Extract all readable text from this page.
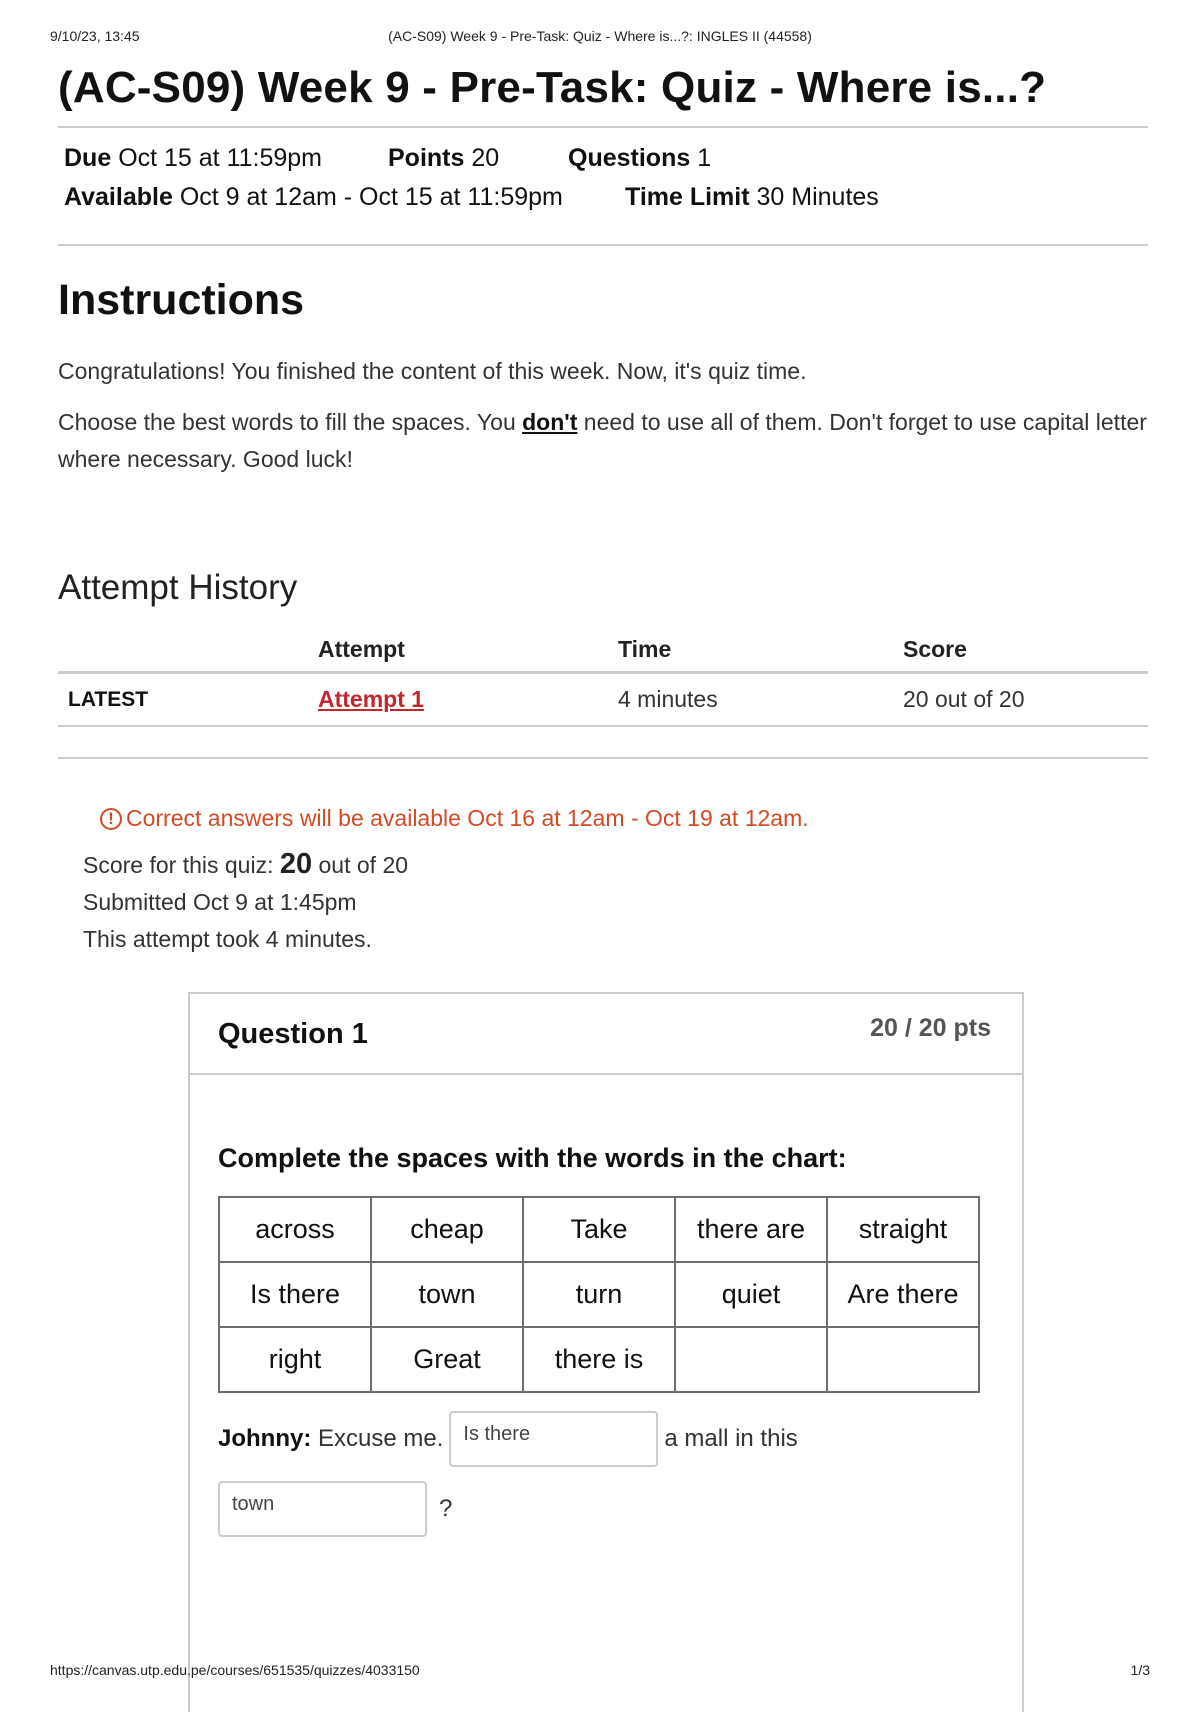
9/10/23, 13:45	(AC-S09) Week 9 - Pre-Task: Quiz - Where is...?: INGLES II (44558)
(AC-S09) Week 9 - Pre-Task: Quiz - Where is...?
Due Oct 15 at 11:59pm	Points 20	Questions 1
Available Oct 9 at 12am - Oct 15 at 11:59pm Time Limit 30 Minutes
Instructions

Congratulations! You finished the content of this week. Now, it's quiz time.

Choose the best words to fill the spaces. You don't need to use all of them. Don't forget to use capital letter where necessary. Good luck!

Attempt History
	Attempt	Time	Score
LATEST	Attempt 1	4 minutes	20 out of 20
! Correct answers will be available Oct 16 at 12am - Oct 19 at 12am.
Score for this quiz: 20 out of 20
Submitted Oct 9 at 1:45pm
This attempt took 4 minutes.
Question 1	20 / 20 pts
Complete the spaces with the words in the chart:
across	cheap	Take	there are	straight
Is there	town	turn	quiet	Are there
right	Great	there is		
Johnny:
Excuse me.	Is there	a mall in this
town	?
https://canvas.utp.edu.pe/courses/651535/quizzes/4033150	1/3
